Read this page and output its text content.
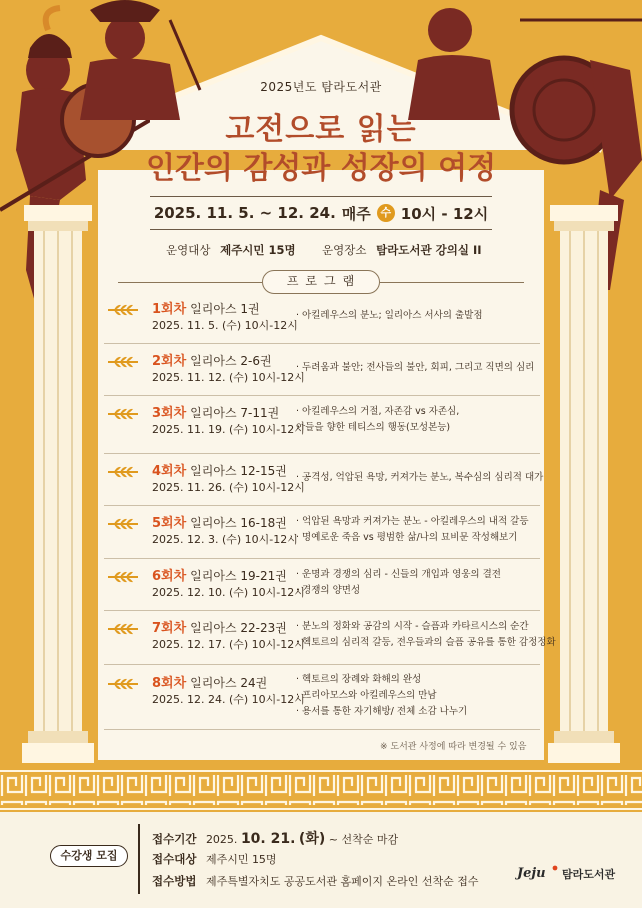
2025년도 탐라도서관
고전으로 읽는
인간의 감성과 성장의 여정
2025. 11. 5. ~ 12. 24. 매주 수 10시 - 12시
운영대상 제주시민 15명 운영장소 탐라도서관 강의실 II
프로그램
1회차 일리아스 1권
2025. 11. 5. (수) 10시-12시
· 아킬레우스의 분노; 일리아스 서사의 출발점
2회차 일리아스 2-6권
2025. 11. 12. (수) 10시-12시
· 두려움과 불안; 전사들의 불안, 회피, 그리고 직면의 심리
3회차 일리아스 7-11권
2025. 11. 19. (수) 10시-12시
· 아킬레우스의 거절, 자존감 vs 자존심,
아들을 향한 테티스의 행동(모성본능)
4회차 일리아스 12-15권
2025. 11. 26. (수) 10시-12시
· 공격성, 억압된 욕망, 커져가는 분노, 복수심의 심리적 대가
5회차 일리아스 16-18권
2025. 12. 3. (수) 10시-12시
· 억압된 욕망과 커져가는 분노 - 아킬레우스의 내적 갈등
· 명예로운 죽음 vs 평범한 삶/나의 묘비문 작성해보기
6회차 일리아스 19-21권
2025. 12. 10. (수) 10시-12시
· 운명과 경쟁의 심리 - 신들의 개입과 영웅의 결전
· 경쟁의 양면성
7회차 일리아스 22-23권
2025. 12. 17. (수) 10시-12시
· 분노의 정화와 공감의 시작 - 슬픔과 카타르시스의 순간
· 헥토르의 심리적 갈등, 전우들과의 슬픔 공유를 통한 감정정화
8회차 일리아스 24권
2025. 12. 24. (수) 10시-12시
· 헥토르의 장례와 화해의 완성
· 프리아모스와 아킬레우스의 만남
· 용서를 통한 자기해방/ 전체 소감 나누기
※ 도서관 사정에 따라 변경될 수 있음
수강생 모집
접수기간 2025. 10. 21. (화) ~ 선착순 마감
접수대상 제주시민 15명
접수방법 제주특별자치도 공공도서관 홈페이지 온라인 선착순 접수
Jeju 탐라도서관
